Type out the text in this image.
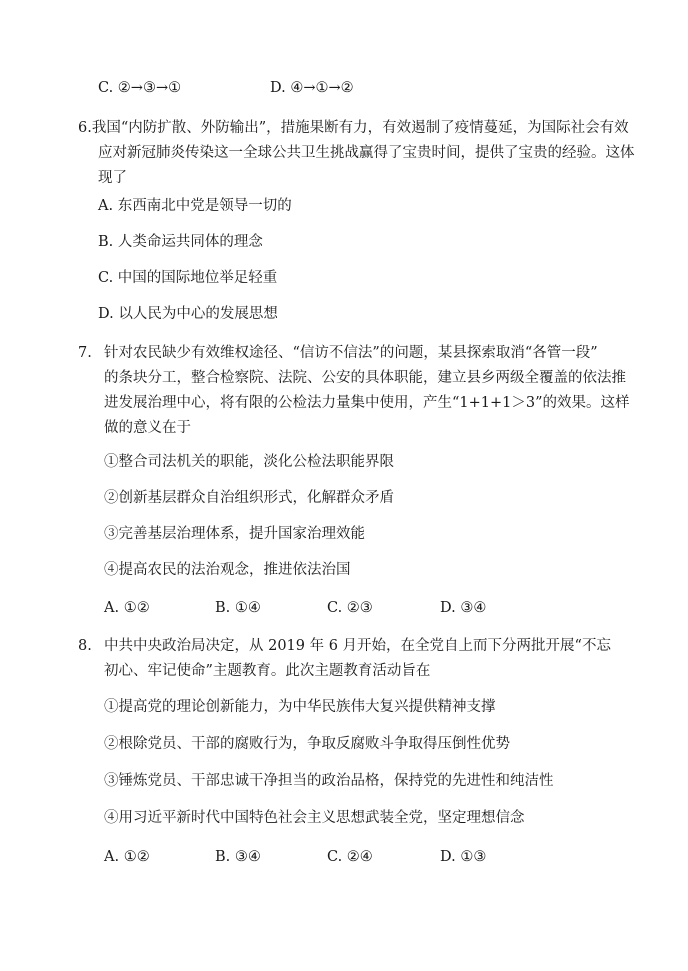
C. ②→③→①	D. ④→①→②
6.我国“内防扩散、外防输出”，措施果断有力，有效遏制了疫情蔓延，为国际社会有效
应对新冠肺炎传染这一全球公共卫生挑战赢得了宝贵时间，提供了宝贵的经验。这体
现了
A. 东西南北中党是领导一切的
B. 人类命运共同体的理念
C. 中国的国际地位举足轻重
D. 以人民为中心的发展思想
7. 针对农民缺少有效维权途径、“信访不信法”的问题，某县探索取消“各管一段”
的条块分工，整合检察院、法院、公安的具体职能，建立县乡两级全覆盖的依法推
进发展治理中心，将有限的公检法力量集中使用，产生“1+1+1＞3”的效果。这样
做的意义在于
①整合司法机关的职能，淡化公检法职能界限
②创新基层群众自治组织形式，化解群众矛盾
③完善基层治理体系，提升国家治理效能
④提高农民的法治观念，推进依法治国
A. ①②	B. ①④	C. ②③	D. ③④
8. 中共中央政治局决定，从 2019 年 6 月开始，在全党自上而下分两批开展“不忘
初心、牢记使命”主题教育。此次主题教育活动旨在
①提高党的理论创新能力，为中华民族伟大复兴提供精神支撑
②根除党员、干部的腐败行为，争取反腐败斗争取得压倒性优势
③锤炼党员、干部忠诚干净担当的政治品格，保持党的先进性和纯洁性
④用习近平新时代中国特色社会主义思想武装全党，坚定理想信念
A. ①②	B. ③④	C. ②④	D. ①③
